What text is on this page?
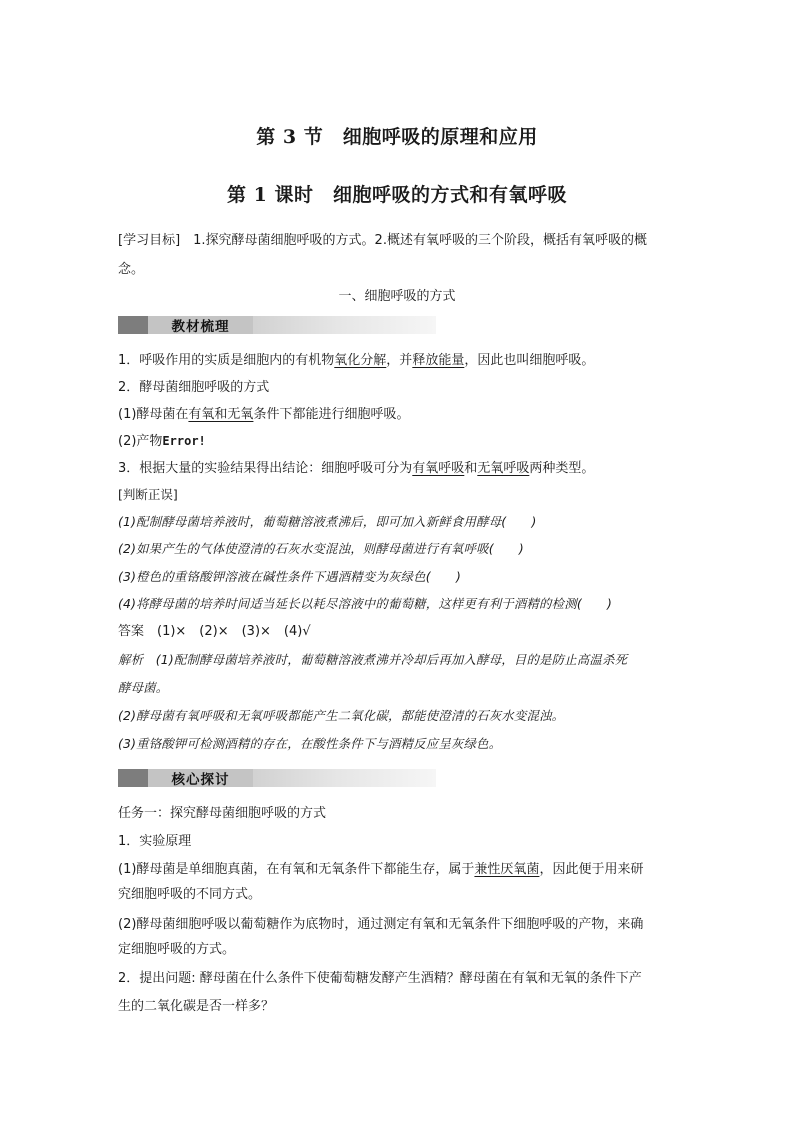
第 3 节　细胞呼吸的原理和应用
第 1 课时　细胞呼吸的方式和有氧呼吸
[学习目标]　1.探究酵母菌细胞呼吸的方式。2.概述有氧呼吸的三个阶段，概括有氧呼吸的概
念。
一、细胞呼吸的方式
教材梳理
1．呼吸作用的实质是细胞内的有机物氧化分解，并释放能量，因此也叫细胞呼吸。
2．酵母菌细胞呼吸的方式
(1)酵母菌在有氧和无氧条件下都能进行细胞呼吸。
(2)产物Error!
3．根据大量的实验结果得出结论：细胞呼吸可分为有氧呼吸和无氧呼吸两种类型。
[判断正误]
(1)配制酵母菌培养液时，葡萄糖溶液煮沸后，即可加入新鲜食用酵母(　　)
(2)如果产生的气体使澄清的石灰水变混浊，则酵母菌进行有氧呼吸(　　)
(3)橙色的重铬酸钾溶液在碱性条件下遇酒精变为灰绿色(　　)
(4)将酵母菌的培养时间适当延长以耗尽溶液中的葡萄糖，这样更有利于酒精的检测(　　)
答案　(1)×　(2)×　(3)×　(4)√
解析　(1)配制酵母菌培养液时，葡萄糖溶液煮沸并冷却后再加入酵母，目的是防止高温杀死
酵母菌。
(2)酵母菌有氧呼吸和无氧呼吸都能产生二氧化碳，都能使澄清的石灰水变混浊。
(3)重铬酸钾可检测酒精的存在，在酸性条件下与酒精反应呈灰绿色。
核心探讨
任务一：探究酵母菌细胞呼吸的方式
1．实验原理
(1)酵母菌是单细胞真菌，在有氧和无氧条件下都能生存，属于兼性厌氧菌，因此便于用来研
究细胞呼吸的不同方式。
(2)酵母菌细胞呼吸以葡萄糖作为底物时，通过测定有氧和无氧条件下细胞呼吸的产物，来确
定细胞呼吸的方式。
2．提出问题: 酵母菌在什么条件下使葡萄糖发酵产生酒精？酵母菌在有氧和无氧的条件下产
生的二氧化碳是否一样多？
